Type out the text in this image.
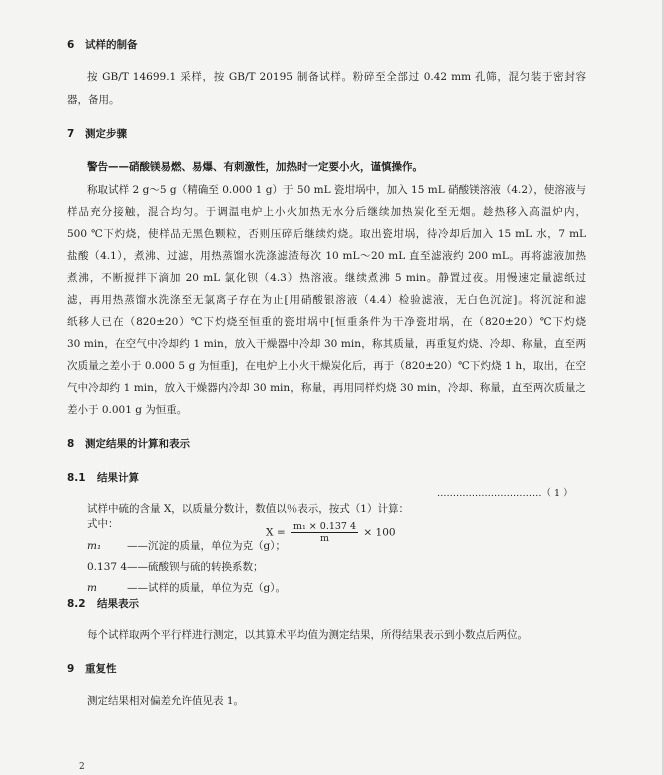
6 试样的制备
按 GB/T 14699.1 采样，按 GB/T 20195 制备试样。粉碎至全部过 0.42 mm 孔筛，混匀装于密封容
器，备用。
7 测定步骤
警告——硝酸镁易燃、易爆、有刺激性，加热时一定要小火，谨慎操作。
称取试样 2 g～5 g（精确至 0.000 1 g）于 50 mL 瓷坩埚中，加入 15 mL 硝酸镁溶液（4.2），使溶液与
样品充分接触，混合均匀。于调温电炉上小火加热无水分后继续加热炭化至无烟。趁热移入高温炉内，
500 ℃下灼烧，使样品无黑色颗粒，否则压碎后继续灼烧。取出瓷坩埚，待冷却后加入 15 mL 水，7 mL
盐酸（4.1），煮沸、过滤，用热蒸馏水洗涤滤渣每次 10 mL～20 mL 直至滤液约 200 mL。再将滤液加热
煮沸，不断搅拌下滴加 20 mL 氯化钡（4.3）热溶液。继续煮沸 5 min。静置过夜。用慢速定量滤纸过
滤，再用热蒸馏水洗涤至无氯离子存在为止[用硝酸银溶液（4.4）检验滤液，无白色沉淀]。将沉淀和滤
纸移人已在（820±20）℃下灼烧至恒重的瓷坩埚中[恒重条件为干净瓷坩埚，在（820±20）℃下灼烧
30 min，在空气中冷却约 1 min，放入干燥器中冷却 30 min，称其质量，再重复灼烧、冷却、称量，直至两
次质量之差小于 0.000 5 g 为恒重]，在电炉上小火干燥炭化后，再于（820±20）℃下灼烧 1 h，取出，在空
气中冷却约 1 min，放入干燥器内冷却 30 min，称量，再用同样灼烧 30 min，冷却、称量，直至两次质量之
差小于 0.001 g 为恒重。
8 测定结果的计算和表示
8.1 结果计算
试样中硫的含量 X，以质量分数计，数值以％表示，按式（1）计算：
$X = \frac{\text{m₁ × 0.137 4}}{m} \times 100$
……………………………（ 1 ）
式中：
m₁ ——沉淀的质量，单位为克（g）；
0.137 4——硫酸钡与硫的转换系数；
m	——试样的质量，单位为克（g）。
8.2 结果表示
每个试样取两个平行样进行测定，以其算术平均值为测定结果，所得结果表示到小数点后两位。
9 重复性
测定结果相对偏差允许值见表 1。
2
